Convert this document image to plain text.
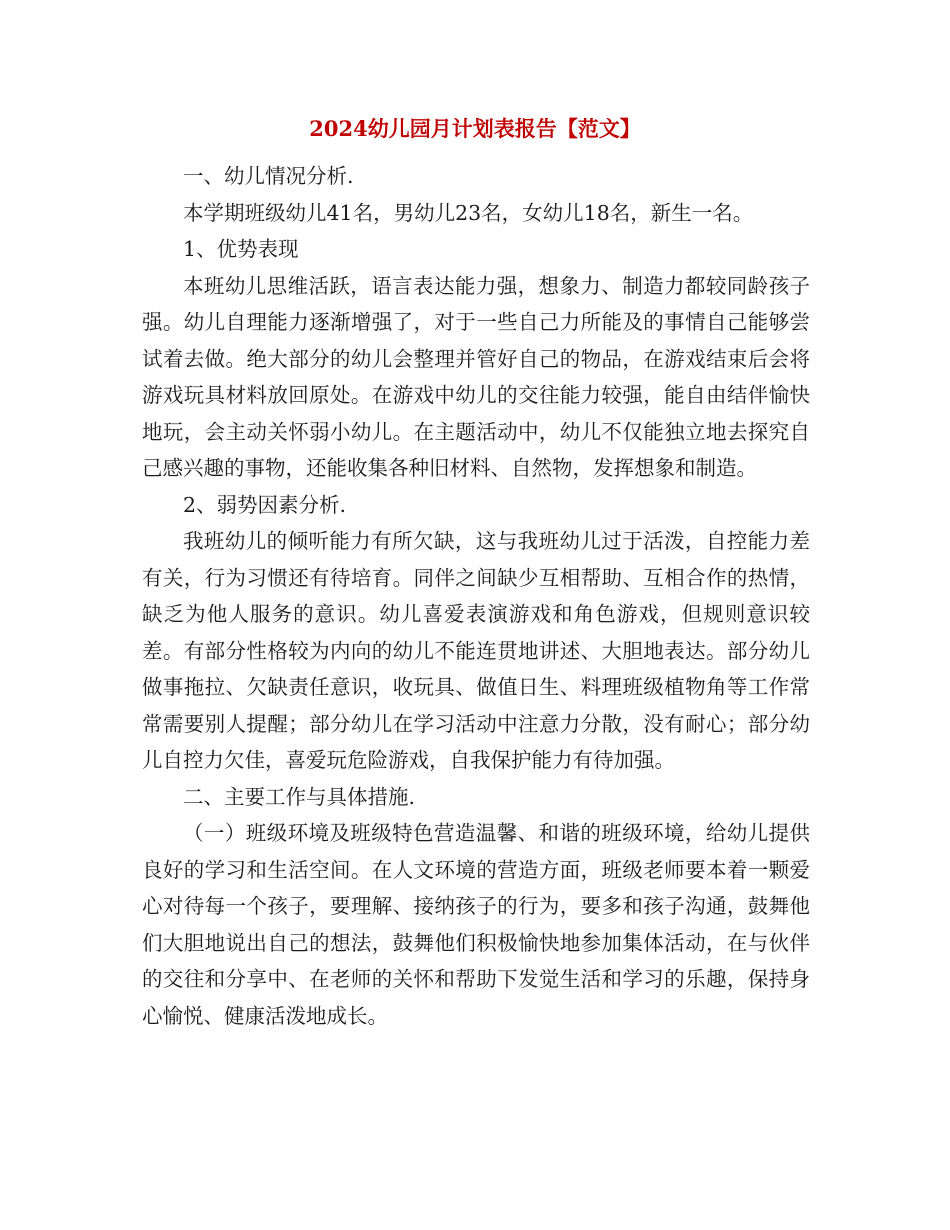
2024幼儿园月计划表报告【范文】

一、幼儿情况分析.

本学期班级幼儿41名，男幼儿23名，女幼儿18名，新生一名。

1、优势表现

本班幼儿思维活跃，语言表达能力强，想象力、制造力都较同龄孩子强。幼儿自理能力逐渐增强了，对于一些自己力所能及的事情自己能够尝试着去做。绝大部分的幼儿会整理并管好自己的物品，在游戏结束后会将游戏玩具材料放回原处。在游戏中幼儿的交往能力较强，能自由结伴愉快地玩，会主动关怀弱小幼儿。在主题活动中，幼儿不仅能独立地去探究自己感兴趣的事物，还能收集各种旧材料、自然物，发挥想象和制造。

2、弱势因素分析.

我班幼儿的倾听能力有所欠缺，这与我班幼儿过于活泼，自控能力差有关，行为习惯还有待培育。同伴之间缺少互相帮助、互相合作的热情，缺乏为他人服务的意识。幼儿喜爱表演游戏和角色游戏，但规则意识较差。有部分性格较为内向的幼儿不能连贯地讲述、大胆地表达。部分幼儿做事拖拉、欠缺责任意识，收玩具、做值日生、料理班级植物角等工作常常需要别人提醒；部分幼儿在学习活动中注意力分散，没有耐心；部分幼儿自控力欠佳，喜爱玩危险游戏，自我保护能力有待加强。

二、主要工作与具体措施.

（一）班级环境及班级特色营造温馨、和谐的班级环境，给幼儿提供良好的学习和生活空间。在人文环境的营造方面，班级老师要本着一颗爱心对待每一个孩子，要理解、接纳孩子的行为，要多和孩子沟通，鼓舞他们大胆地说出自己的想法，鼓舞他们积极愉快地参加集体活动，在与伙伴的交往和分享中、在老师的关怀和帮助下发觉生活和学习的乐趣，保持身心愉悦、健康活泼地成长。
